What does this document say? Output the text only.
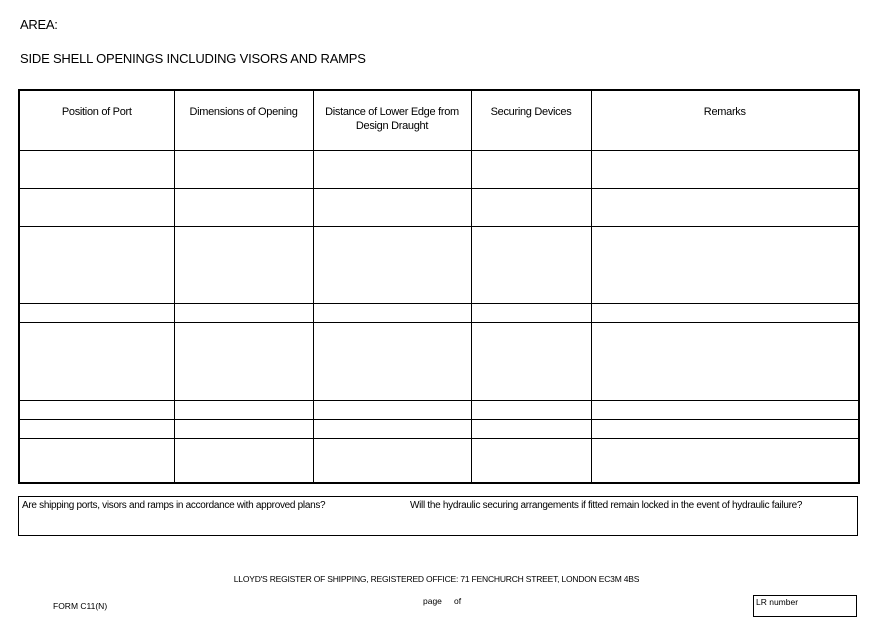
AREA:
SIDE SHELL OPENINGS INCLUDING VISORS AND RAMPS
Position of Port	Dimensions of Opening	Distance of Lower Edge from Design Draught	Securing Devices	Remarks

Are shipping ports, visors and ramps in accordance with approved plans?	Will the hydraulic securing arrangements if fitted remain locked in the event of hydraulic failure?
LLOYD'S REGISTER OF SHIPPING, REGISTERED OFFICE: 71 FENCHURCH STREET, LONDON EC3M 4BS
FORM C11(N)	page of	LR number
